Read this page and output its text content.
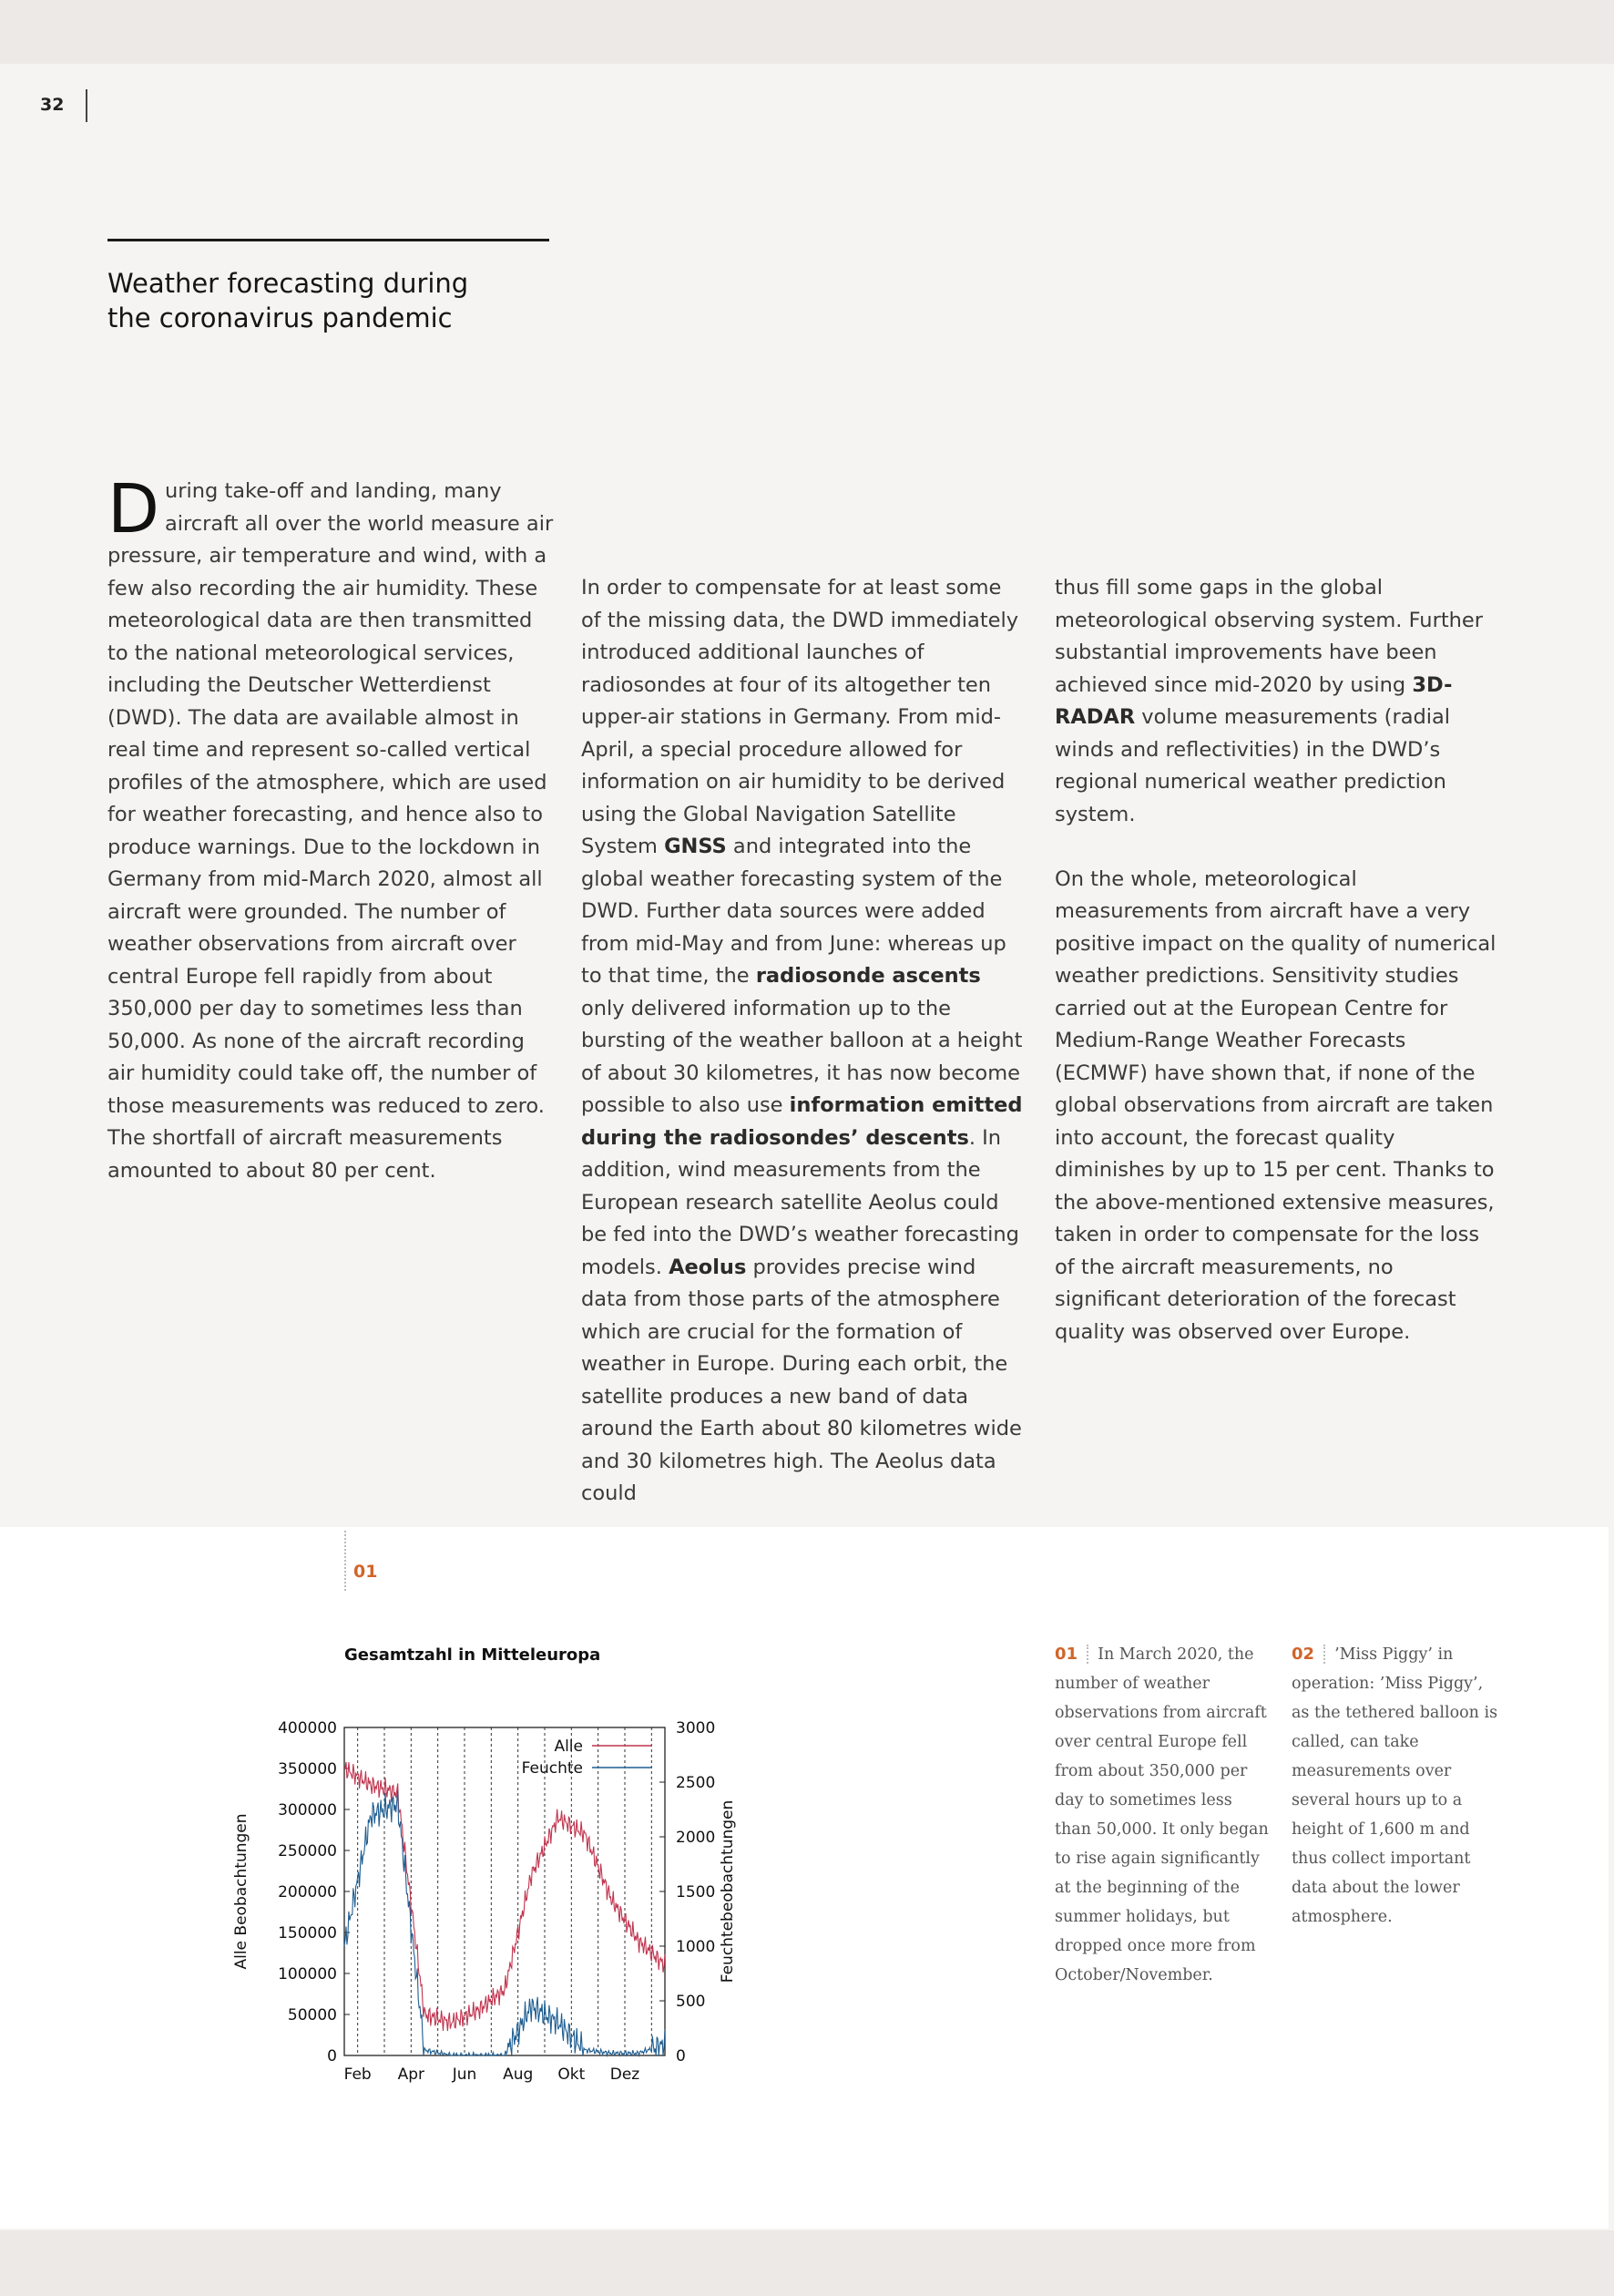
32
Weather forecasting during
the coronavirus pandemic

During take-off and landing, many aircraft all over the world measure air pressure, air temperature and wind, with a few also recording the air humidity. These meteorological data are then transmitted to the national meteorological services, including the Deutscher Wetterdienst (DWD). The data are available almost in real time and represent so-called vertical profiles of the atmosphere, which are used for weather forecasting, and hence also to produce warnings. Due to the lockdown in Germany from mid-March 2020, almost all aircraft were grounded. The number of weather observations from aircraft over central Europe fell rapidly from about 350,000 per day to sometimes less than 50,000. As none of the aircraft recording air humidity could take off, the number of those measurements was reduced to zero. The shortfall of aircraft measurements amounted to about 80 per cent.

In order to compensate for at least some of the missing data, the DWD immediately introduced additional launches of radiosondes at four of its altogether ten upper-air stations in Germany. From mid-April, a special procedure allowed for information on air humidity to be derived using the Global Navigation Satellite System GNSS and integrated into the global weather forecasting system of the DWD. Further data sources were added from mid-May and from June: whereas up to that time, the radiosonde ascents only delivered information up to the bursting of the weather balloon at a height of about 30 kilometres, it has now become possible to also use information emitted during the radiosondes’ descents. In addition, wind measurements from the European research satellite Aeolus could be fed into the DWD’s weather forecasting models. Aeolus provides precise wind data from those parts of the atmosphere which are crucial for the formation of weather in Europe. During each orbit, the satellite produces a new band of data around the Earth about 80 kilometres wide and 30 kilometres high. The Aeolus data could

thus fill some gaps in the global meteorological observing system. Further substantial improvements have been achieved since mid-2020 by using 3D-RADAR volume measurements (radial winds and reflectivities) in the DWD’s regional numerical weather prediction system.
On the whole, meteorological measurements from aircraft have a very positive impact on the quality of numerical weather predictions. Sensitivity studies carried out at the European Centre for Medium-Range Weather Forecasts (ECMWF) have shown that, if none of the global observations from aircraft are taken into account, the forecast quality diminishes by up to 15 per cent. Thanks to the above-mentioned extensive measures, taken in order to compensate for the loss of the aircraft measurements, no significant deterioration of the forecast quality was observed over Europe.
01
Gesamtzahl in Mitteleuropa
0
50000
100000
150000
200000
250000
300000
350000
400000
0
500
1000
1500
2000
2500
3000
Feb Apr Jun Aug Okt Dez
Alle Beobachtungen	Feuchtebeobachtungen
Alle
Feuchte
01 In March 2020, the number of weather observations from aircraft over central Europe fell from about 350,000 per day to sometimes less than 50,000. It only began to rise again significantly at the beginning of the summer holidays, but dropped once more from October/November.
02 ’Miss Piggy’ in operation: ’Miss Piggy’, as the tethered balloon is called, can take measurements over several hours up to a height of 1,600 m and thus collect important data about the lower atmosphere.
